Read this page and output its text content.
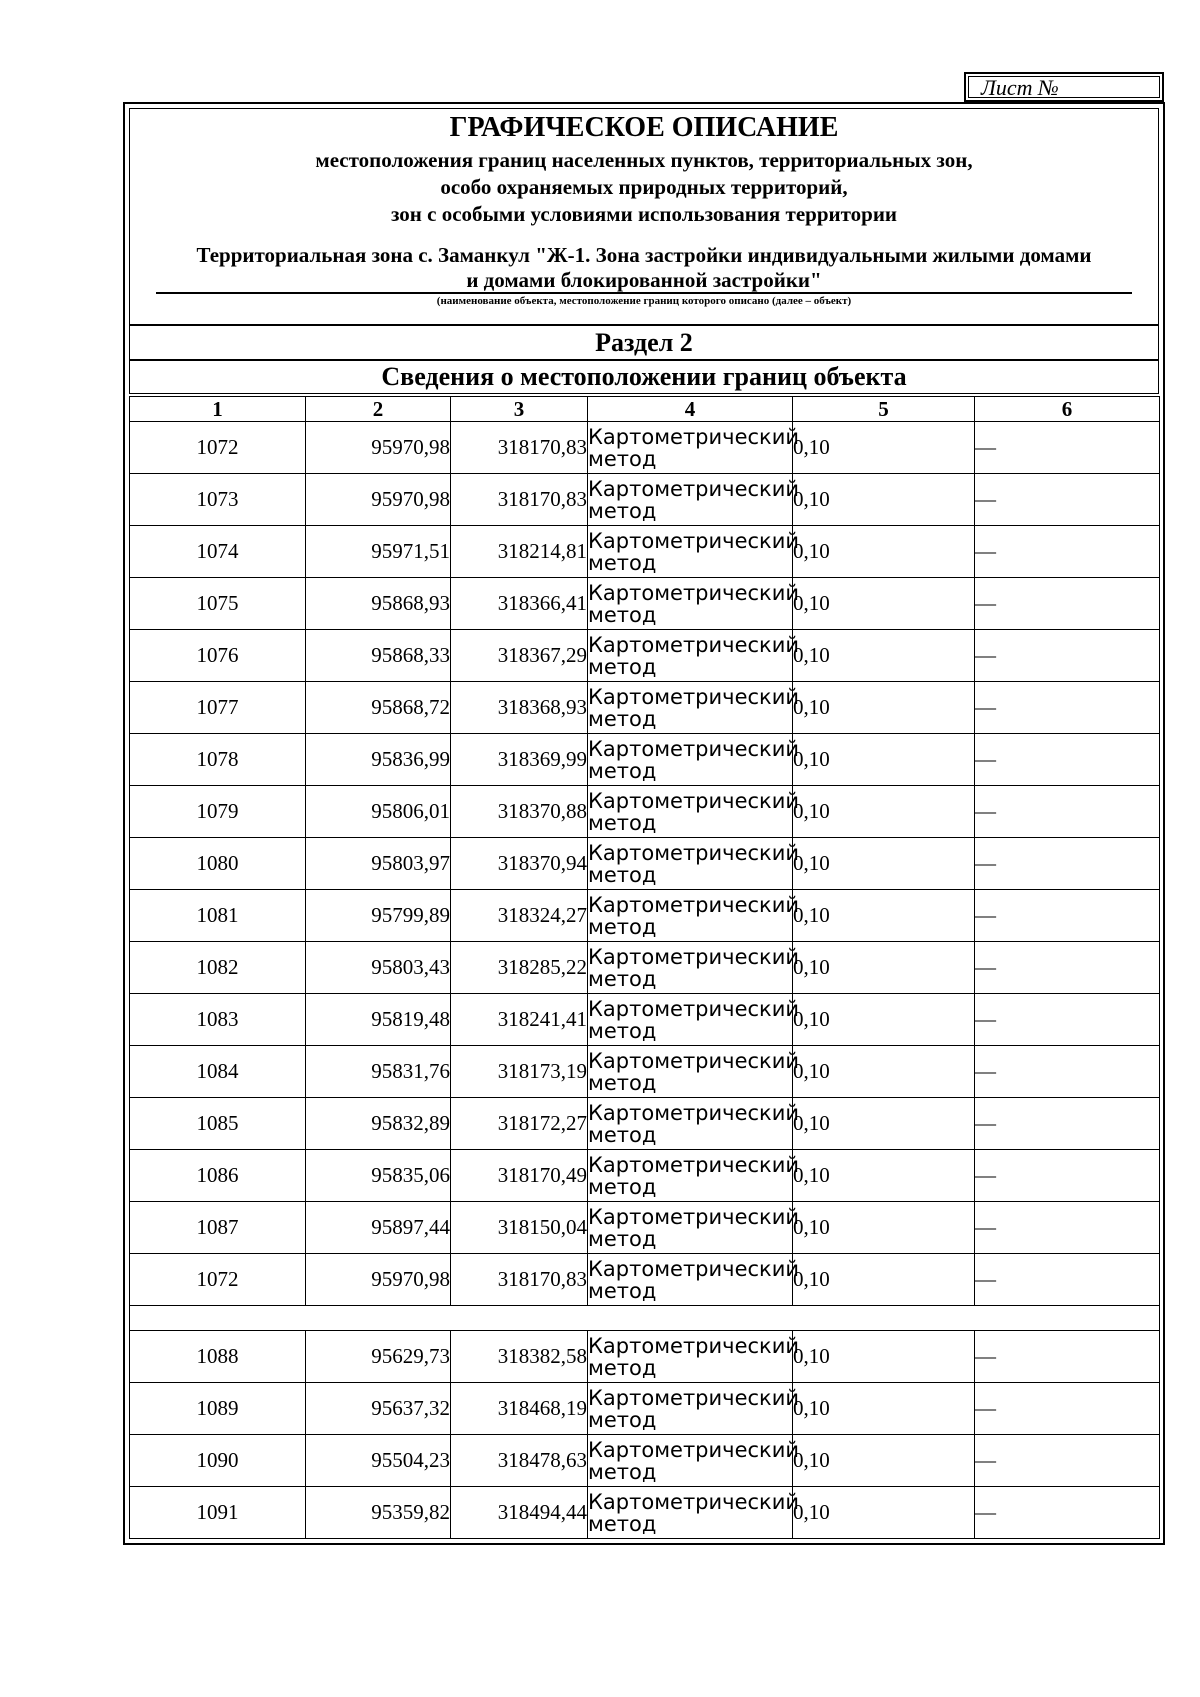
Лист №
ГРАФИЧЕСКОЕ ОПИСАНИЕ
местоположения границ населенных пунктов, территориальных зон,
особо охраняемых природных территорий,
зон с особыми условиями использования территории
Территориальная зона с. Заманкул "Ж-1. Зона застройки индивидуальными жилыми домами
и домами блокированной застройки"
(наименование объекта, местоположение границ которого описано (далее – объект)
Раздел 2
Сведения о местоположении границ объекта
1	2	3	4	5	6
1072	95970,98	318170,83	Картометрический метод	0,10	—
1073	95970,98	318170,83	Картометрический метод	0,10	—
1074	95971,51	318214,81	Картометрический метод	0,10	—
1075	95868,93	318366,41	Картометрический метод	0,10	—
1076	95868,33	318367,29	Картометрический метод	0,10	—
1077	95868,72	318368,93	Картометрический метод	0,10	—
1078	95836,99	318369,99	Картометрический метод	0,10	—
1079	95806,01	318370,88	Картометрический метод	0,10	—
1080	95803,97	318370,94	Картометрический метод	0,10	—
1081	95799,89	318324,27	Картометрический метод	0,10	—
1082	95803,43	318285,22	Картометрический метод	0,10	—
1083	95819,48	318241,41	Картометрический метод	0,10	—
1084	95831,76	318173,19	Картометрический метод	0,10	—
1085	95832,89	318172,27	Картометрический метод	0,10	—
1086	95835,06	318170,49	Картометрический метод	0,10	—
1087	95897,44	318150,04	Картометрический метод	0,10	—
1072	95970,98	318170,83	Картометрический метод	0,10	—

1088	95629,73	318382,58	Картометрический метод	0,10	—
1089	95637,32	318468,19	Картометрический метод	0,10	—
1090	95504,23	318478,63	Картометрический метод	0,10	—
1091	95359,82	318494,44	Картометрический метод	0,10	—
